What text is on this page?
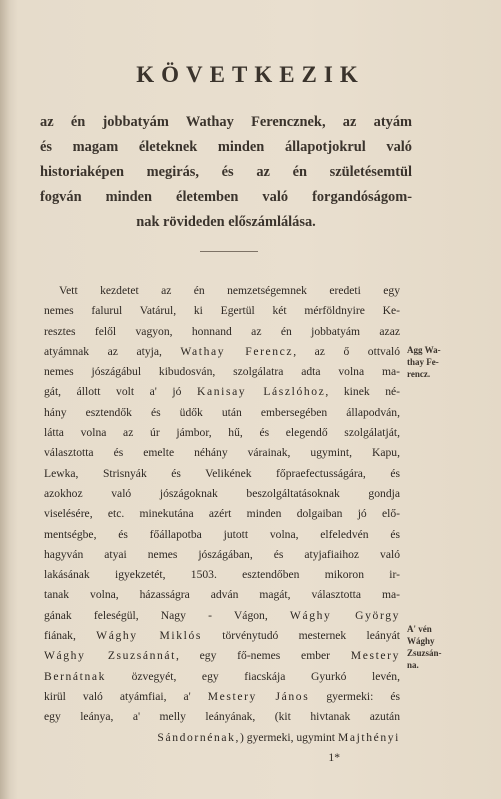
KÖVETKEZIK
az én jobbatyám Wathay Ferencznek, az atyám
és magam életeknek minden állapotjokrul való
historiaképen megirás, és az én születésemtül
fogván minden életemben való forgandóságom-
nak rövideden előszámlálása.
Vett kezdetet az én nemzetségemnek eredeti egy
nemes falurul Vatárul, ki Egertül két mérföldnyire Ke-
resztes felől vagyon, honnand az én jobbatyám azaz
atyámnak az atyja, Wathay Ferencz, az ő ottvaló
nemes jószágábul kibudosván, szolgálatra adta volna ma-
gát, állott volt a' jó Kanisay Lászlóhoz, kinek né-
hány esztendők és üdők után embersegében állapodván,
látta volna az úr jámbor, hű, és elegendő szolgálatját,
választotta és emelte néhány várainak, ugymint, Kapu,
Lewka, Strisnyák és Velikének főpraefectusságára, és
azokhoz való jószágoknak beszolgáltatásoknak gondja
viselésére, etc. minekutána azért minden dolgaiban jó elő-
mentségbe, és főállapotba jutott volna, elfeledvén és
hagyván atyai nemes jószágában, és atyjafiaihoz való
lakásának igyekzetét, 1503. esztendőben mikoron ir-
tanak volna, házasságra adván magát, választotta ma-
gának feleségül, Nagy - Vágon, Wághy György
fiának, Wághy Miklós törvénytudó mesternek leányát
Wághy Zsuzsánnát, egy fő-nemes ember Mestery
Bernátnak özvegyét, egy fiacskája Gyurkó levén,
kirül való atyámfiai, a' Mestery János gyermeki: és
egy leánya, a' melly leányának, (kit hivtanak azután
Sándornénak,) gyermeki, ugymint Majthényi
1*
Agg Wa-
thay Fe-
rencz.
A' vén
Wághy
Zsuzsán-
na.
